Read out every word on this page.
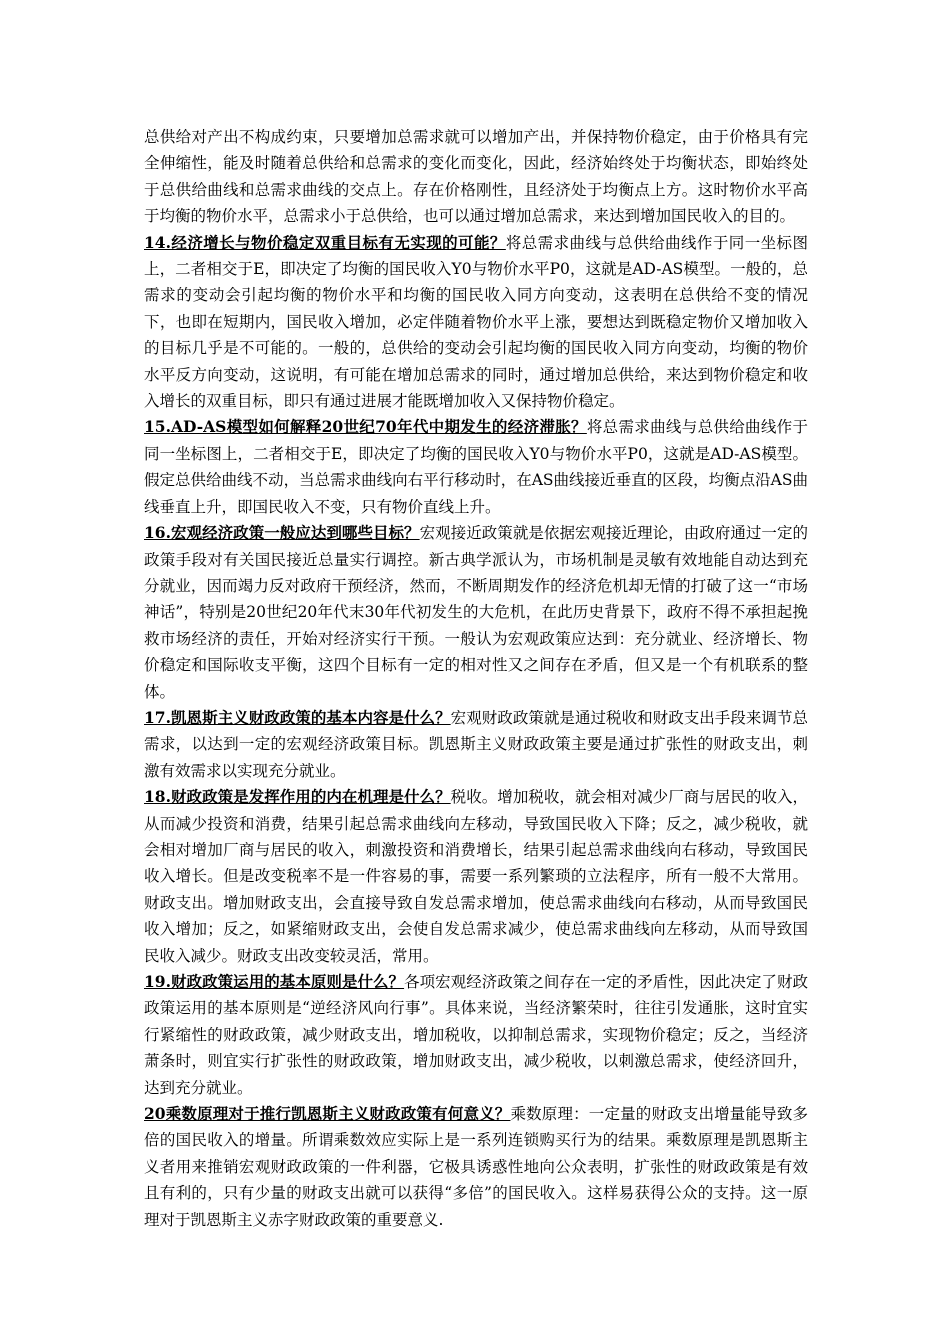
总供给对产出不构成约束，只要增加总需求就可以增加产出，并保持物价稳定，由于价格具有完全伸缩性，能及时随着总供给和总需求的变化而变化，因此，经济始终处于均衡状态，即始终处于总供给曲线和总需求曲线的交点上。存在价格刚性，且经济处于均衡点上方。这时物价水平高于均衡的物价水平，总需求小于总供给，也可以通过增加总需求，来达到增加国民收入的目的。

14.经济增长与物价稳定双重目标有无实现的可能？将总需求曲线与总供给曲线作于同一坐标图上，二者相交于E，即决定了均衡的国民收入Y0与物价水平P0，这就是AD-AS模型。一般的，总需求的变动会引起均衡的物价水平和均衡的国民收入同方向变动，这表明在总供给不变的情况下，也即在短期内，国民收入增加，必定伴随着物价水平上涨，要想达到既稳定物价又增加收入的目标几乎是不可能的。一般的，总供给的变动会引起均衡的国民收入同方向变动，均衡的物价水平反方向变动，这说明，有可能在增加总需求的同时，通过增加总供给，来达到物价稳定和收入增长的双重目标，即只有通过进展才能既增加收入又保持物价稳定。

15.AD-AS模型如何解释20世纪70年代中期发生的经济滞胀？将总需求曲线与总供给曲线作于同一坐标图上，二者相交于E，即决定了均衡的国民收入Y0与物价水平P0，这就是AD-AS模型。假定总供给曲线不动，当总需求曲线向右平行移动时，在AS曲线接近垂直的区段，均衡点沿AS曲线垂直上升，即国民收入不变，只有物价直线上升。

16.宏观经济政策一般应达到哪些目标？宏观接近政策就是依据宏观接近理论，由政府通过一定的政策手段对有关国民接近总量实行调控。新古典学派认为，市场机制是灵敏有效地能自动达到充分就业，因而竭力反对政府干预经济，然而，不断周期发作的经济危机却无情的打破了这一“市场神话”，特别是20世纪20年代末30年代初发生的大危机，在此历史背景下，政府不得不承担起挽救市场经济的责任，开始对经济实行干预。一般认为宏观政策应达到：充分就业、经济增长、物价稳定和国际收支平衡，这四个目标有一定的相对性又之间存在矛盾，但又是一个有机联系的整体。

17.凯恩斯主义财政政策的基本内容是什么？宏观财政政策就是通过税收和财政支出手段来调节总需求，以达到一定的宏观经济政策目标。凯恩斯主义财政政策主要是通过扩张性的财政支出，刺激有效需求以实现充分就业。

18.财政政策是发挥作用的内在机理是什么？税收。增加税收，就会相对减少厂商与居民的收入，从而减少投资和消费，结果引起总需求曲线向左移动，导致国民收入下降；反之，减少税收，就会相对增加厂商与居民的收入，刺激投资和消费增长，结果引起总需求曲线向右移动，导致国民收入增长。但是改变税率不是一件容易的事，需要一系列繁琐的立法程序，所有一般不大常用。财政支出。增加财政支出，会直接导致自发总需求增加，使总需求曲线向右移动，从而导致国民收入增加；反之，如紧缩财政支出，会使自发总需求减少，使总需求曲线向左移动，从而导致国民收入减少。财政支出改变较灵活，常用。

19.财政政策运用的基本原则是什么？各项宏观经济政策之间存在一定的矛盾性，因此决定了财政政策运用的基本原则是“逆经济风向行事”。具体来说，当经济繁荣时，往往引发通胀，这时宜实行紧缩性的财政政策，减少财政支出，增加税收，以抑制总需求，实现物价稳定；反之，当经济萧条时，则宜实行扩张性的财政政策，增加财政支出，减少税收，以刺激总需求，使经济回升，达到充分就业。

20乘数原理对于推行凯恩斯主义财政政策有何意义？乘数原理：一定量的财政支出增量能导致多倍的国民收入的增量。所谓乘数效应实际上是一系列连锁购买行为的结果。乘数原理是凯恩斯主义者用来推销宏观财政政策的一件利器，它极具诱惑性地向公众表明，扩张性的财政政策是有效且有利的，只有少量的财政支出就可以获得“多倍”的国民收入。这样易获得公众的支持。这一原理对于凯恩斯主义赤字财政政策的重要意义.
